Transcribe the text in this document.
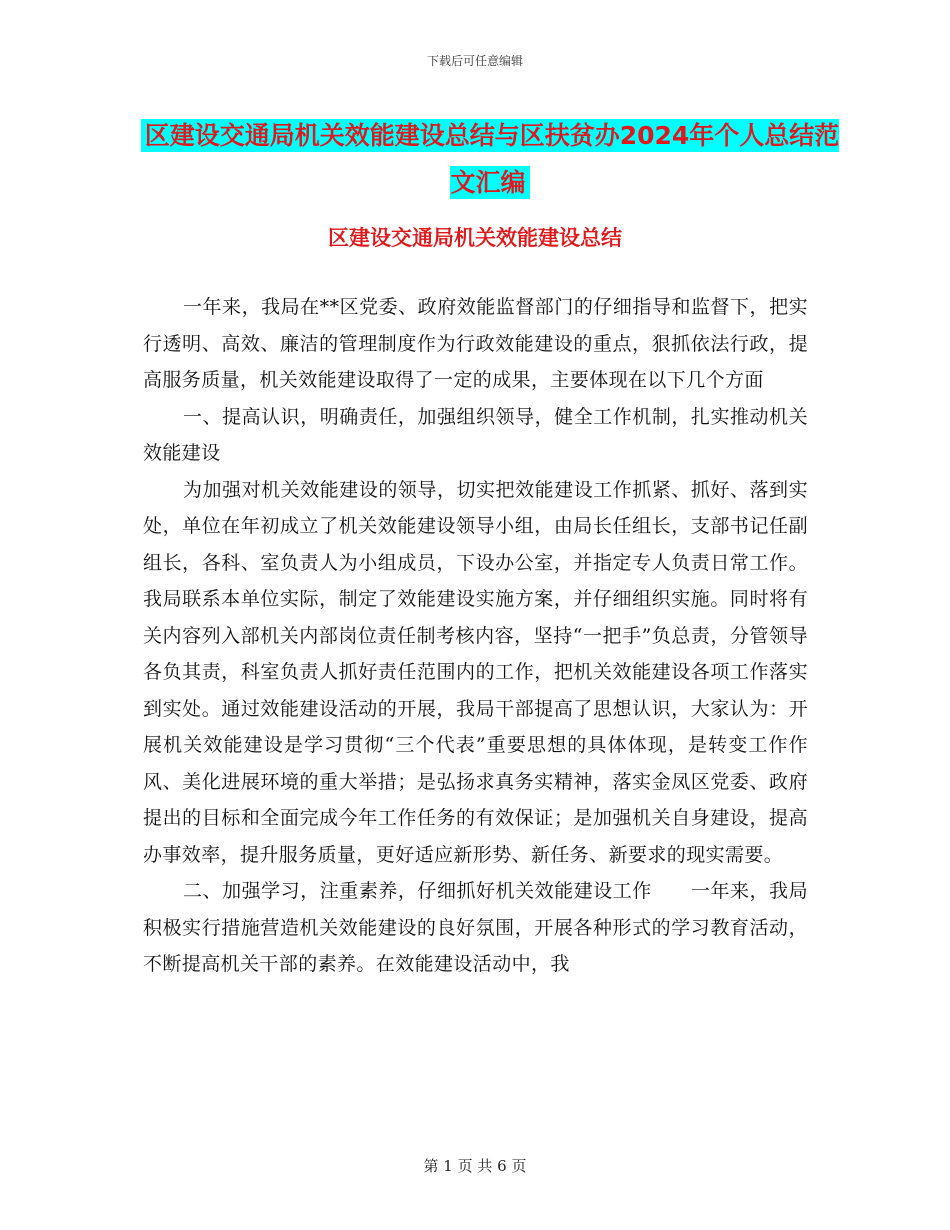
下载后可任意编辑
区建设交通局机关效能建设总结与区扶贫办2024年个人总结范文汇编
区建设交通局机关效能建设总结

一年来，我局在**区党委、政府效能监督部门的仔细指导和监督下，把实行透明、高效、廉洁的管理制度作为行政效能建设的重点，狠抓依法行政，提高服务质量，机关效能建设取得了一定的成果，主要体现在以下几个方面

一、提高认识，明确责任，加强组织领导，健全工作机制，扎实推动机关效能建设

为加强对机关效能建设的领导，切实把效能建设工作抓紧、抓好、落到实处，单位在年初成立了机关效能建设领导小组，由局长任组长，支部书记任副组长，各科、室负责人为小组成员，下设办公室，并指定专人负责日常工作。我局联系本单位实际，制定了效能建设实施方案，并仔细组织实施。同时将有关内容列入部机关内部岗位责任制考核内容，坚持“一把手”负总责，分管领导各负其责，科室负责人抓好责任范围内的工作，把机关效能建设各项工作落实到实处。通过效能建设活动的开展，我局干部提高了思想认识，大家认为：开展机关效能建设是学习贯彻“三个代表”重要思想的具体体现，是转变工作作风、美化进展环境的重大举措；是弘扬求真务实精神，落实金凤区党委、政府提出的目标和全面完成今年工作任务的有效保证；是加强机关自身建设，提高办事效率，提升服务质量，更好适应新形势、新任务、新要求的现实需要。

二、加强学习，注重素养，仔细抓好机关效能建设工作　　一年来，我局积极实行措施营造机关效能建设的良好氛围，开展各种形式的学习教育活动，不断提高机关干部的素养。在效能建设活动中，我

第 1 页 共 6 页
